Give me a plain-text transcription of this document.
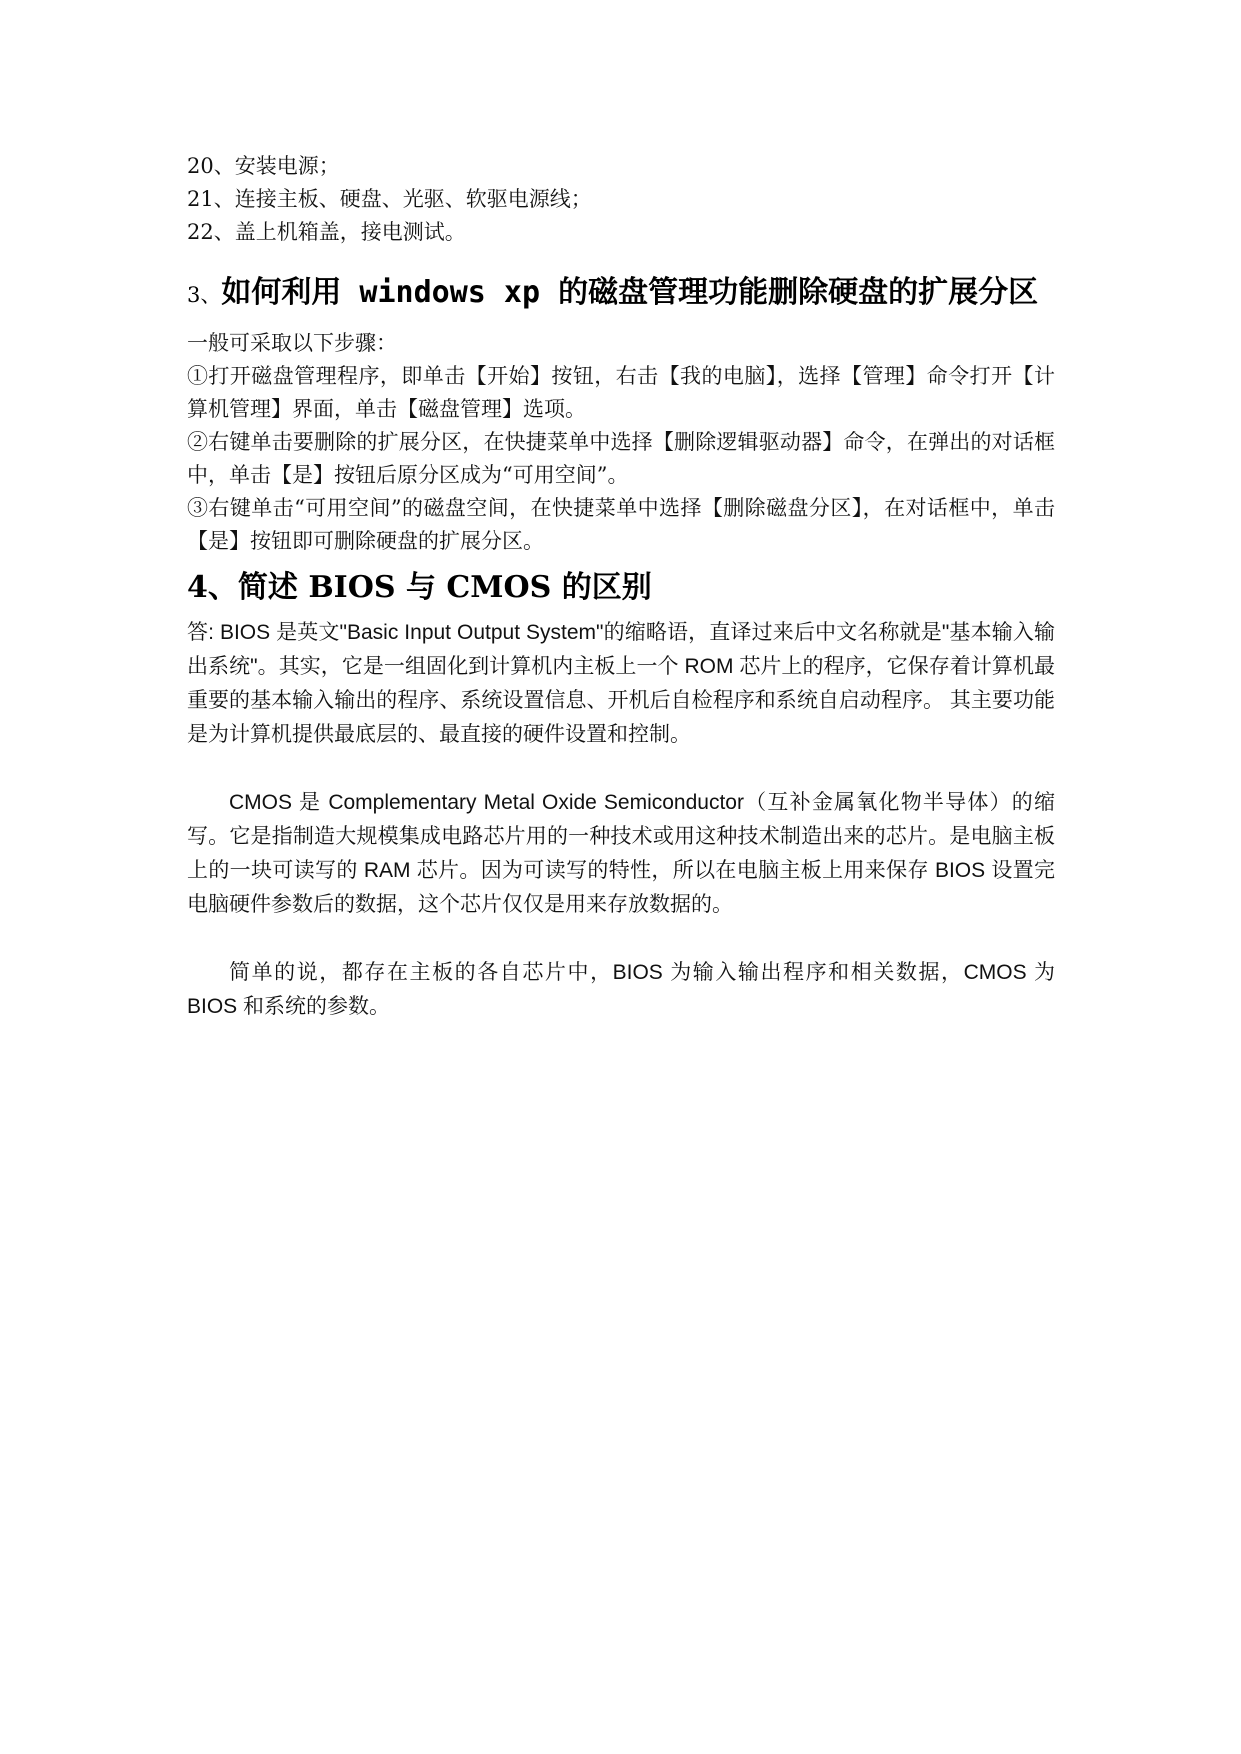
20、安装电源；

21、连接主板、硬盘、光驱、软驱电源线；

22、盖上机箱盖，接电测试。

3、如何利用 windows xp 的磁盘管理功能删除硬盘的扩展分区

一般可采取以下步骤：

①打开磁盘管理程序，即单击【开始】按钮，右击【我的电脑】，选择【管理】命令打开【计算机管理】界面，单击【磁盘管理】选项。

②右键单击要删除的扩展分区，在快捷菜单中选择【删除逻辑驱动器】命令，在弹出的对话框中，单击【是】按钮后原分区成为“可用空间”。

③右键单击“可用空间”的磁盘空间，在快捷菜单中选择【删除磁盘分区】，在对话框中，单击【是】按钮即可删除硬盘的扩展分区。

4、简述 BIOS 与 CMOS 的区别

答: BIOS 是英文"Basic Input Output System"的缩略语，直译过来后中文名称就是"基本输入输出系统"。其实，它是一组固化到计算机内主板上一个 ROM 芯片上的程序，它保存着计算机最重要的基本输入输出的程序、系统设置信息、开机后自检程序和系统自启动程序。 其主要功能是为计算机提供最底层的、最直接的硬件设置和控制。

CMOS 是 Complementary Metal Oxide Semiconductor（互补金属氧化物半导体）的缩写。它是指制造大规模集成电路芯片用的一种技术或用这种技术制造出来的芯片。是电脑主板上的一块可读写的 RAM 芯片。因为可读写的特性，所以在电脑主板上用来保存 BIOS 设置完电脑硬件参数后的数据，这个芯片仅仅是用来存放数据的。

简单的说，都存在主板的各自芯片中，BIOS 为输入输出程序和相关数据，CMOS 为 BIOS 和系统的参数。
